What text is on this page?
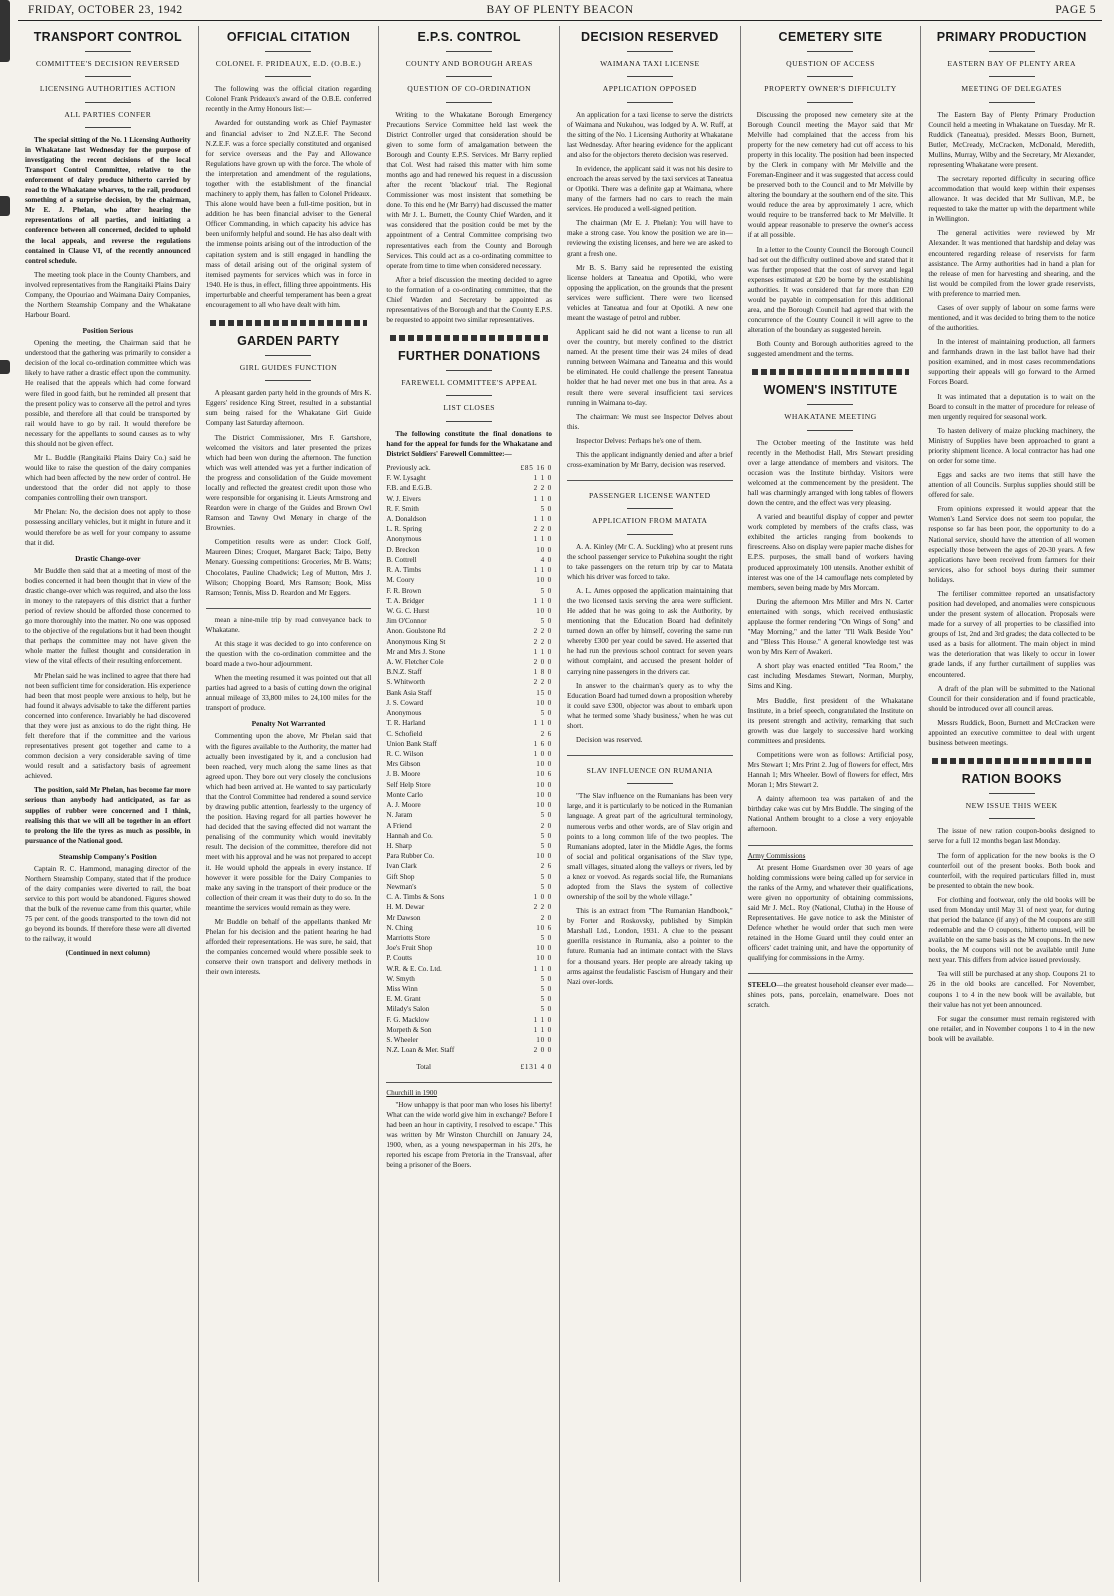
FRIDAY, OCTOBER 23, 1942	BAY OF PLENTY BEACON	PAGE 5
TRANSPORT CONTROL
COMMITTEE'S DECISION REVERSED
LICENSING AUTHORITIES ACTION
ALL PARTIES CONFER

The special sitting of the No. 1 Licensing Authority in Whakatane last Wednesday for the purpose of investigating the recent decisions of the local Transport Control Committee, relative to the enforcement of dairy produce hitherto carried by road to the Whakatane wharves, to the rail, produced something of a surprise decision, by the chairman, Mr E. J. Phelan, who after hearing the representations of all parties, and initiating a conference between all concerned, decided to uphold the local appeals, and reverse the regulations contained in Clause VI, of the recently announced control schedule.

The meeting took place in the County Chambers, and involved representatives from the Rangitaiki Plains Dairy Company, the Opouriao and Waimana Dairy Companies, the Northern Steamship Company and the Whakatane Harbour Board.

Position Serious

Opening the meeting, the Chairman said that he understood that the gathering was primarily to consider a decision of the local co-ordination committee which was likely to have rather a drastic effect upon the community. He realised that the appeals which had come forward were filed in good faith, but he reminded all present that the present policy was to conserve all the petrol and tyres possible, and therefore all that could be transported by rail would have to go by rail. It would therefore be necessary for the appellants to sound causes as to why this should not be given effect.

Mr L. Buddle (Rangitaiki Plains Dairy Co.) said he would like to raise the question of the dairy companies which had been affected by the new order of control. He understood that the order did not apply to those companies controlling their own transport.

Mr Phelan: No, the decision does not apply to those possessing ancillary vehicles, but it might in future and it would therefore be as well for your company to assume that it did.

Drastic Change-over

Mr Buddle then said that at a meeting of most of the bodies concerned it had been thought that in view of the drastic change-over which was required, and also the loss in money to the ratepayers of this district that a further period of review should be afforded those concerned to go more thoroughly into the matter. No one was opposed to the objective of the regulations but it had been thought that perhaps the committee may not have given the whole matter the fullest thought and consideration in view of the vital effects of their resulting enforcement.

Mr Phelan said he was inclined to agree that there had not been sufficient time for consideration. His experience had been that most people were anxious to help, but he had found it always advisable to take the different parties concerned into conference. Invariably he had discovered that they were just as anxious to do the right thing. He felt therefore that if the committee and the various representatives present got together and came to a common decision a very considerable saving of time would result and a satisfactory basis of agreement achieved.

The position, said Mr Phelan, has become far more serious than anybody had anticipated, as far as supplies of rubber were concerned and I think, realising this that we will all be together in an effort to prolong the life the tyres as much as possible, in pursuance of the National good.

Steamship Company's Position

Captain R. C. Hammond, managing director of the Northern Steamship Company, stated that if the produce of the dairy companies were diverted to rail, the boat service to this port would be abandoned. Figures showed that the bulk of the revenue came from this quarter, while 75 per cent. of the goods transported to the town did not go beyond its bounds. If therefore these were all diverted to the railway, it would

(Continued in next column)

OFFICIAL CITATION
COLONEL F. PRIDEAUX, E.D. (O.B.E.)

The following was the official citation regarding Colonel Frank Prideaux's award of the O.B.E. conferred recently in the Army Honours list:—

Awarded for outstanding work as Chief Paymaster and financial adviser to 2nd N.Z.E.F. The Second N.Z.E.F. was a force specially constituted and organised for service overseas and the Pay and Allowance Regulations have grown up with the force. The whole of the interpretation and amendment of the regulations, together with the establishment of the financial machinery to apply them, has fallen to Colonel Prideaux. This alone would have been a full-time position, but in addition he has been financial adviser to the General Officer Commanding, in which capacity his advice has been uniformly helpful and sound. He has also dealt with the immense points arising out of the introduction of the capitation system and is still engaged in handling the mass of detail arising out of the original system of itemised payments for services which was in force in 1940. He is thus, in effect, filling three appointments. His imperturbable and cheerful temperament has been a great encouragement to all who have dealt with him.

GARDEN PARTY
GIRL GUIDES FUNCTION

A pleasant garden party held in the grounds of Mrs K. Eggers' residence King Street, resulted in a substantial sum being raised for the Whakatane Girl Guide Company last Saturday afternoon.

The District Commissioner, Mrs F. Gartshore, welcomed the visitors and later presented the prizes which had been won during the afternoon. The function which was well attended was yet a further indication of the progress and consolidation of the Guide movement locally and reflected the greatest credit upon those who were responsible for organising it. Lieuts Armstrong and Reardon were in charge of the Guides and Brown Owl Ramson and Tawny Owl Menary in charge of the Brownies.

Competition results were as under: Clock Golf, Maureen Dines; Croquet, Margaret Back; Taipo, Betty Menary. Guessing competitions: Groceries, Mr B. Watts; Chocolates, Pauline Chadwick; Leg of Mutton, Mrs J. Wilson; Chopping Board, Mrs Ramson; Book, Miss Ramson; Tennis, Miss D. Reardon and Mr Eggers.

mean a nine-mile trip by road conveyance back to Whakatane.

At this stage it was decided to go into conference on the question with the co-ordination committee and the board made a two-hour adjournment.

When the meeting resumed it was pointed out that all parties had agreed to a basis of cutting down the original annual mileage of 33,800 miles to 24,100 miles for the transport of produce.

Penalty Not Warranted

Commenting upon the above, Mr Phelan said that with the figures available to the Authority, the matter had actually been investigated by it, and a conclusion had been reached, very much along the same lines as that agreed upon. They bore out very closely the conclusions which had been arrived at. He wanted to say particularly that the Control Committee had rendered a sound service by drawing public attention, fearlessly to the urgency of the position. Having regard for all parties however he had decided that the saving effected did not warrant the penalising of the community which would inevitably result. The decision of the committee, therefore did not meet with his approval and he was not prepared to accept it. He would uphold the appeals in every instance. If however it were possible for the Dairy Companies to make any saving in the transport of their produce or the collection of their cream it was their duty to do so. In the meantime the services would remain as they were.

Mr Buddle on behalf of the appellants thanked Mr Phelan for his decision and the patient hearing he had afforded their representations. He was sure, he said, that the companies concerned would where possible seek to conserve their own transport and delivery methods in their own interests.

E.P.S. CONTROL
COUNTY AND BOROUGH AREAS
QUESTION OF CO-ORDINATION

Writing to the Whakatane Borough Emergency Precautions Service Committee held last week the District Controller urged that consideration should be given to some form of amalgamation between the Borough and County E.P.S. Services. Mr Barry replied that Col. West had raised this matter with him some months ago and had renewed his request in a discussion after the recent 'blackout' trial. The Regional Commissioner was most insistent that something be done. To this end he (Mr Barry) had discussed the matter with Mr J. L. Burnett, the County Chief Warden, and it was considered that the position could be met by the appointment of a Central Committee comprising two representatives each from the County and Borough Services. This could act as a co-ordinating committee to operate from time to time when considered necessary.

After a brief discussion the meeting decided to agree to the formation of a co-ordinating committee, that the Chief Warden and Secretary be appointed as representatives of the Borough and that the County E.P.S. be requested to appoint two similar representatives.

FURTHER DONATIONS
FAREWELL COMMITTEE'S APPEAL
LIST CLOSES

The following constitute the final donations to hand for the appeal for funds for the Whakatane and District Soldiers' Farewell Committee:—

Previously ack.	£85 16 0
F. W. Lysaght	1 1 0
F.B. and E.G.B.	2 2 0
W. J. Eivers	1 1 0
R. F. Smith	5 0
A. Donaldson	1 1 0
L. R. Spring	2 2 0
Anonymous	1 1 0
D. Breckon	10 0
B. Cottrell	4 0
R. A. Timbs	1 1 0
M. Coory	10 0
F. R. Brown	5 0
T. A. Bridger	1 1 0
W. G. C. Hurst	10 0
Jim O'Connor	5 0
Anon. Goulstone Rd	2 2 0
Anonymous King St	2 2 0
Mr and Mrs J. Stone	1 1 0
A. W. Fletcher Cole	2 0 0
B.N.Z. Staff	1 8 0
S. Whitworth	2 2 0
Bank Asia Staff	15 0
J. S. Coward	10 0
Anonymous	5 0
T. R. Harland	1 1 0
C. Schofield	2 6
Union Bank Staff	1 6 0
R. C. Wilson	1 0 0
Mrs Gibson	10 0
J. B. Moore	10 6
Self Help Store	10 0
Monte Carlo	10 0
A. J. Moore	10 0
N. Jaram	5 0
A Friend	2 0
Hannah and Co.	5 0
H. Sharp	5 0
Para Rubber Co.	10 0
Ivan Clark	2 6
Gift Shop	5 0
Newman's	5 0
C. A. Timbs & Sons	1 0 0
H. M. Dewar	2 2 0
Mr Dawson	2 0
N. Ching	10 6
Marriotts Store	5 0
Joe's Fruit Shop	10 0
P. Coutts	10 0
W.R. & E. Co. Ltd.	1 1 0
W. Smyth	5 0
Miss Winn	5 0
E. M. Grant	5 0
Milady's Salon	5 0
F. G. Macklow	1 1 0
Morpeth & Son	1 1 0
S. Wheeler	10 0
N.Z. Loan & Mer. Staff	2 0 0
Total	£131 4 0
Churchill in 1900

"How unhappy is that poor man who loses his liberty! What can the wide world give him in exchange? Before I had been an hour in captivity, I resolved to escape." This was written by Mr Winston Churchill on January 24, 1900, when, as a young newspaperman in his 20's, he reported his escape from Pretoria in the Transvaal, after being a prisoner of the Boers.

DECISION RESERVED
WAIMANA TAXI LICENSE
APPLICATION OPPOSED

An application for a taxi license to serve the districts of Waimana and Nukuhou, was lodged by A. W. Ruff, at the sitting of the No. 1 Licensing Authority at Whakatane last Wednesday. After hearing evidence for the applicant and also for the objectors thereto decision was reserved.

In evidence, the applicant said it was not his desire to encroach the areas served by the taxi services at Taneatua or Opotiki. There was a definite gap at Waimana, where many of the farmers had no cars to reach the main services. He produced a well-signed petition.

The chairman (Mr E. J. Phelan): You will have to make a strong case. You know the position we are in—reviewing the existing licenses, and here we are asked to grant a fresh one.

Mr B. S. Barry said he represented the existing license holders at Taneatua and Opotiki, who were opposing the application, on the grounds that the present services were sufficient. There were two licensed vehicles at Taneatua and four at Opotiki. A new one meant the wastage of petrol and rubber.

Applicant said he did not want a license to run all over the country, but merely confined to the district named. At the present time their was 24 miles of dead running between Waimana and Taneatua and this would be eliminated. He could challenge the present Taneatua holder that he had never met one bus in that area. As a result there were several insufficient taxi services running in Waimana to-day.

The chairman: We must see Inspector Delves about this.

Inspector Delves: Perhaps he's one of them.

This the applicant indignantly denied and after a brief cross-examination by Mr Barry, decision was reserved.

PASSENGER LICENSE WANTED
APPLICATION FROM MATATA

A. A. Kinley (Mr C. A. Suckling) who at present runs the school passenger service to Pukehina sought the right to take passengers on the return trip by car to Matata which his driver was forced to take.

A. L. Ames opposed the application maintaining that the two licensed taxis serving the area were sufficient. He added that he was going to ask the Authority, by mentioning that the Education Board had definitely turned down an offer by himself, covering the same run whereby £300 per year could be saved. He asserted that he had run the previous school contract for seven years without complaint, and accused the present holder of carrying nine passengers in the drivers car.

In answer to the chairman's query as to why the Education Board had turned down a proposition whereby it could save £300, objector was about to embark upon what he termed some 'shady business,' when he was cut short.

Decision was reserved.

SLAV INFLUENCE ON RUMANIA

"The Slav influence on the Rumanians has been very large, and it is particularly to be noticed in the Rumanian language. A great part of the agricultural terminology, numerous verbs and other words, are of Slav origin and points to a long common life of the two peoples. The Rumanians adopted, later in the Middle Ages, the forms of social and political organisations of the Slav type, small villages, situated along the valleys or rivers, led by a knez or voevod. As regards social life, the Rumanians adopted from the Slavs the system of collective ownership of the soil by the whole village."

This is an extract from "The Rumanian Handbook," by Forter and Roskovsky, published by Simpkin Marshall Ltd., London, 1931. A clue to the peasant guerilla resistance in Rumania, also a pointer to the future. Rumania had an intimate contact with the Slavs for a thousand years. Her people are already taking up arms against the feudalistic Fascism of Hungary and their Nazi over-lords.

CEMETERY SITE
QUESTION OF ACCESS
PROPERTY OWNER'S DIFFICULTY

Discussing the proposed new cemetery site at the Borough Council meeting the Mayor said that Mr Melville had complained that the access from his property for the new cemetery had cut off access to his property in this locality. The position had been inspected by the Clerk in company with Mr Melville and the Foreman-Engineer and it was suggested that access could be preserved both to the Council and to Mr Melville by altering the boundary at the southern end of the site. This would reduce the area by approximately 1 acre, which would require to be transferred back to Mr Melville. It would appear reasonable to preserve the owner's access if at all possible.

In a letter to the County Council the Borough Council had set out the difficulty outlined above and stated that it was further proposed that the cost of survey and legal expenses estimated at £20 be borne by the establishing authorities. It was considered that far more than £20 would be payable in compensation for this additional area, and the Borough Council had agreed that with the concurrence of the County Council it will agree to the alteration of the boundary as suggested herein.

Both County and Borough authorities agreed to the suggested amendment and the terms.

WOMEN'S INSTITUTE
WHAKATANE MEETING

The October meeting of the Institute was held recently in the Methodist Hall, Mrs Stewart presiding over a large attendance of members and visitors. The occasion was the Institute birthday. Visitors were welcomed at the commencement by the president. The hall was charmingly arranged with long tables of flowers down the centre, and the effect was very pleasing.

A varied and beautiful display of copper and pewter work completed by members of the crafts class, was exhibited the articles ranging from bookends to firescreens. Also on display were papier mache dishes for E.P.S. purposes, the small band of workers having produced approximately 100 utensils. Another exhibit of interest was one of the 14 camouflage nets completed by members, seven being made by Mrs Morcam.

During the afternoon Mrs Miller and Mrs N. Carter entertained with songs, which received enthusiastic applause the former rendering "On Wings of Song" and "May Morning," and the latter "I'll Walk Beside You" and "Bless This House." A general knowledge test was won by Mrs Kerr of Awakeri.

A short play was enacted entitled "Tea Room," the cast including Mesdames Stewart, Norman, Murphy, Sims and King.

Mrs Buddle, first president of the Whakatane Institute, in a brief speech, congratulated the Institute on its present strength and activity, remarking that such growth was due largely to successive hard working committees and presidents.

Competitions were won as follows: Artificial posy, Mrs Stewart 1; Mrs Print 2. Jug of flowers for effect, Mrs Hannah 1; Mrs Wheeler. Bowl of flowers for effect, Mrs Moran 1; Mrs Stewart 2.

A dainty afternoon tea was partaken of and the birthday cake was cut by Mrs Buddle. The singing of the National Anthem brought to a close a very enjoyable afternoon.

Army Commissions

At present Home Guardsmen over 30 years of age holding commissions were being called up for service in the ranks of the Army, and whatever their qualifications, were given no opportunity of obtaining commissions, said Mr J. McL. Roy (National, Clutha) in the House of Representatives. He gave notice to ask the Minister of Defence whether he would order that such men were retained in the Home Guard until they could enter an officers' cadet training unit, and have the opportunity of qualifying for commissions in the Army.

STEELO—the greatest household cleanser ever made—shines pots, pans, porcelain, enamelware. Does not scratch.

PRIMARY PRODUCTION
EASTERN BAY OF PLENTY AREA
MEETING OF DELEGATES

The Eastern Bay of Plenty Primary Production Council held a meeting in Whakatane on Tuesday. Mr R. Ruddick (Taneatua), presided. Messrs Boon, Burnett, Butler, McCready, McCracken, McDonald, Meredith, Mullins, Murray, Wilby and the Secretary, Mr Alexander, representing Whakatane were present.

The secretary reported difficulty in securing office accommodation that would keep within their expenses allowance. It was decided that Mr Sullivan, M.P., be requested to take the matter up with the department while in Wellington.

The general activities were reviewed by Mr Alexander. It was mentioned that hardship and delay was encountered regarding release of reservists for farm assistance. The Army authorities had in hand a plan for the release of men for harvesting and shearing, and the list would be compiled from the lower grade reservists, with preference to married men.

Cases of over supply of labour on some farms were mentioned, and it was decided to bring them to the notice of the authorities.

In the interest of maintaining production, all farmers and farmhands drawn in the last ballot have had their position examined, and in most cases recommendations supporting their appeals will go forward to the Armed Forces Board.

It was intimated that a deputation is to wait on the Board to consult in the matter of procedure for release of men urgently required for seasonal work.

To hasten delivery of maize plucking machinery, the Ministry of Supplies have been approached to grant a priority shipment licence. A local contractor has had one on order for some time.

Eggs and sacks are two items that still have the attention of all Councils. Surplus supplies should still be offered for sale.

From opinions expressed it would appear that the Women's Land Service does not seem too popular, the response so far has been poor, the opportunity to do a National service, should have the attention of all women especially those between the ages of 20-30 years. A few applications have been received from farmers for their services, also for school boys during their summer holidays.

The fertiliser committee reported an unsatisfactory position had developed, and anomalies were conspicuous under the present system of allocation. Proposals were made for a survey of all properties to be classified into groups of 1st, 2nd and 3rd grades; the data collected to be used as a basis for allotment. The main object in mind was the deterioration that was likely to occur in lower grade lands, if any further curtailment of supplies was encountered.

A draft of the plan will be submitted to the National Council for their consideration and if found practicable, should be introduced over all council areas.

Messrs Ruddick, Boon, Burnett and McCracken were appointed an executive committee to deal with urgent business between meetings.

RATION BOOKS
NEW ISSUE THIS WEEK

The issue of new ration coupon-books designed to serve for a full 12 months began last Monday.

The form of application for the new books is the O counterfoil out of the present books. Both book and counterfoil, with the required particulars filled in, must be presented to obtain the new book.

For clothing and footwear, only the old books will be used from Monday until May 31 of next year, for during that period the balance (if any) of the M coupons are still redeemable and the O coupons, hitherto unused, will be available on the same basis as the M coupons. In the new books, the M coupons will not be available until June next year. This differs from advice issued previously.

Tea will still be purchased at any shop. Coupons 21 to 26 in the old books are cancelled. For November, coupons 1 to 4 in the new book will be available, but their value has not yet been announced.

For sugar the consumer must remain registered with one retailer, and in November coupons 1 to 4 in the new book will be available.
